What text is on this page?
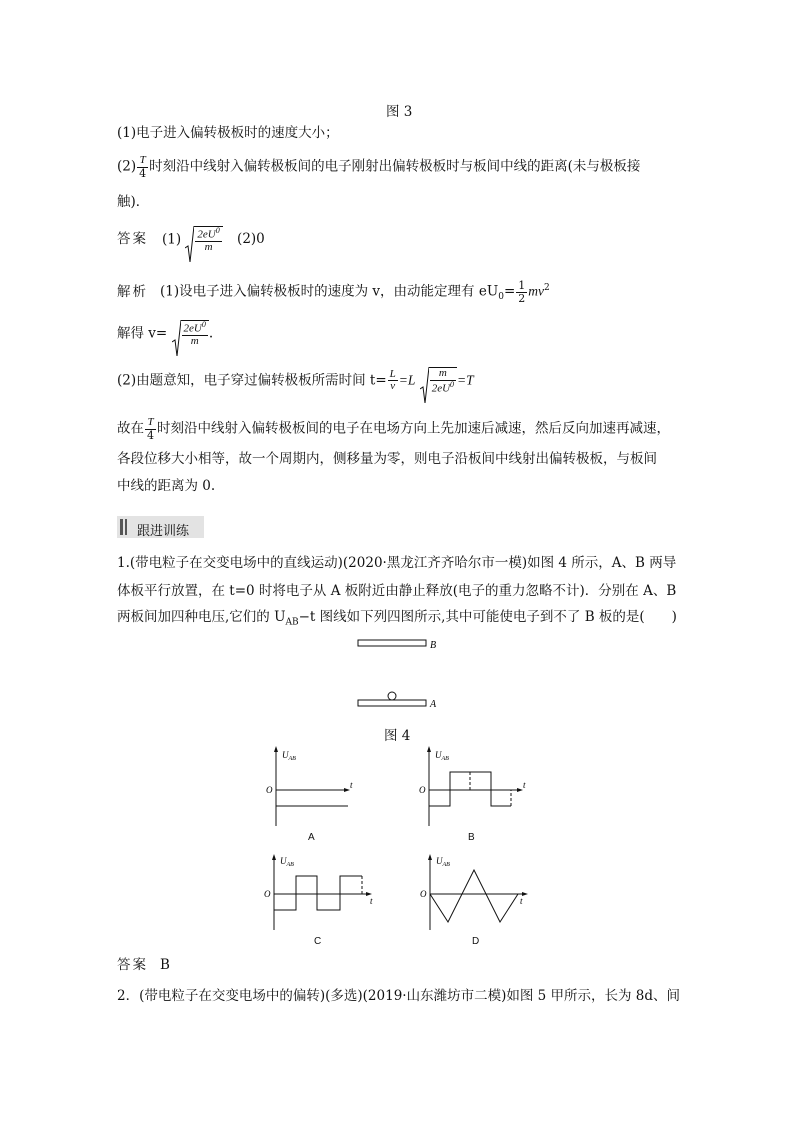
图 3
(1)电子进入偏转极板时的速度大小；
$(2) \frac{T}{4}$ 时刻沿中线射入偏转极板间的电子刚射出偏转极板时与板间中线的距离(未与极板接
触)．
答案 $(1) \frac{2eU^0}{m} (2)0$
解析 (1)设电子进入偏转极板时的速度为 v，由动能定理有 $eU_0= \frac{1}{2} mv^2$
解得 $v= \frac{2eU^0}{m}$ .
(2)由题意知，电子穿过偏转极板所需时间 $t= \frac{L}{v} =L \frac{m}{2eU^0} =T$
故在 $\frac{T}{4}$ 时刻沿中线射入偏转极板间的电子在电场方向上先加速后减速，然后反向加速再减速，
各段位移大小相等，故一个周期内，侧移量为零，则电子沿板间中线射出偏转极板，与板间
中线的距离为 0.
跟进训练
1.(带电粒子在交变电场中的直线运动)(2020·黑龙江齐齐哈尔市一模)如图 4 所示，A、B 两导
体板平行放置，在 t=0 时将电子从 A 板附近由静止释放(电子的重力忽略不计)．分别在 A、B
两板间加四种电压,它们的 $U_{AB}-t$ 图线如下列四图所示,其中可能使电子到不了 B 板的是(　　)
B
A
图 4
$U_{AB}$
O	t
A
$U_{AB}$
O	t
B
$U_{AB}$
O
t
C
$U_{AB}$
O
t
D
答案 B
2．(带电粒子在交变电场中的偏转)(多选)(2019·山东潍坊市二模)如图 5 甲所示，长为 8d、间
